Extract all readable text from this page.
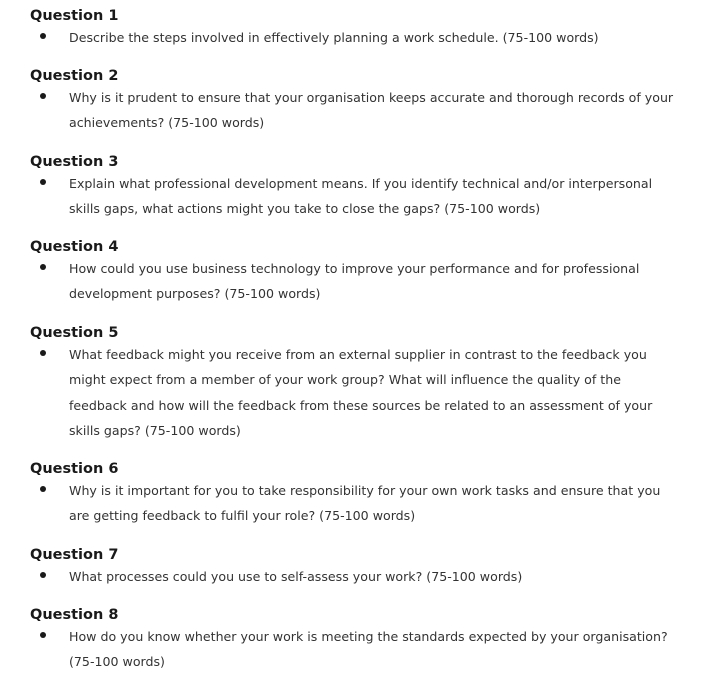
Question 1
Describe the steps involved in effectively planning a work schedule. (75-100 words)
Question 2
Why is it prudent to ensure that your organisation keeps accurate and thorough records of your achievements? (75-100 words)
Question 3
Explain what professional development means. If you identify technical and/or interpersonal skills gaps, what actions might you take to close the gaps? (75-100 words)
Question 4
How could you use business technology to improve your performance and for professional development purposes? (75-100 words)
Question 5
What feedback might you receive from an external supplier in contrast to the feedback you might expect from a member of your work group? What will influence the quality of the feedback and how will the feedback from these sources be related to an assessment of your skills gaps? (75-100 words)
Question 6
Why is it important for you to take responsibility for your own work tasks and ensure that you are getting feedback to fulfil your role? (75-100 words)
Question 7
What processes could you use to self-assess your work? (75-100 words)
Question 8
How do you know whether your work is meeting the standards expected by your organisation? (75-100 words)
